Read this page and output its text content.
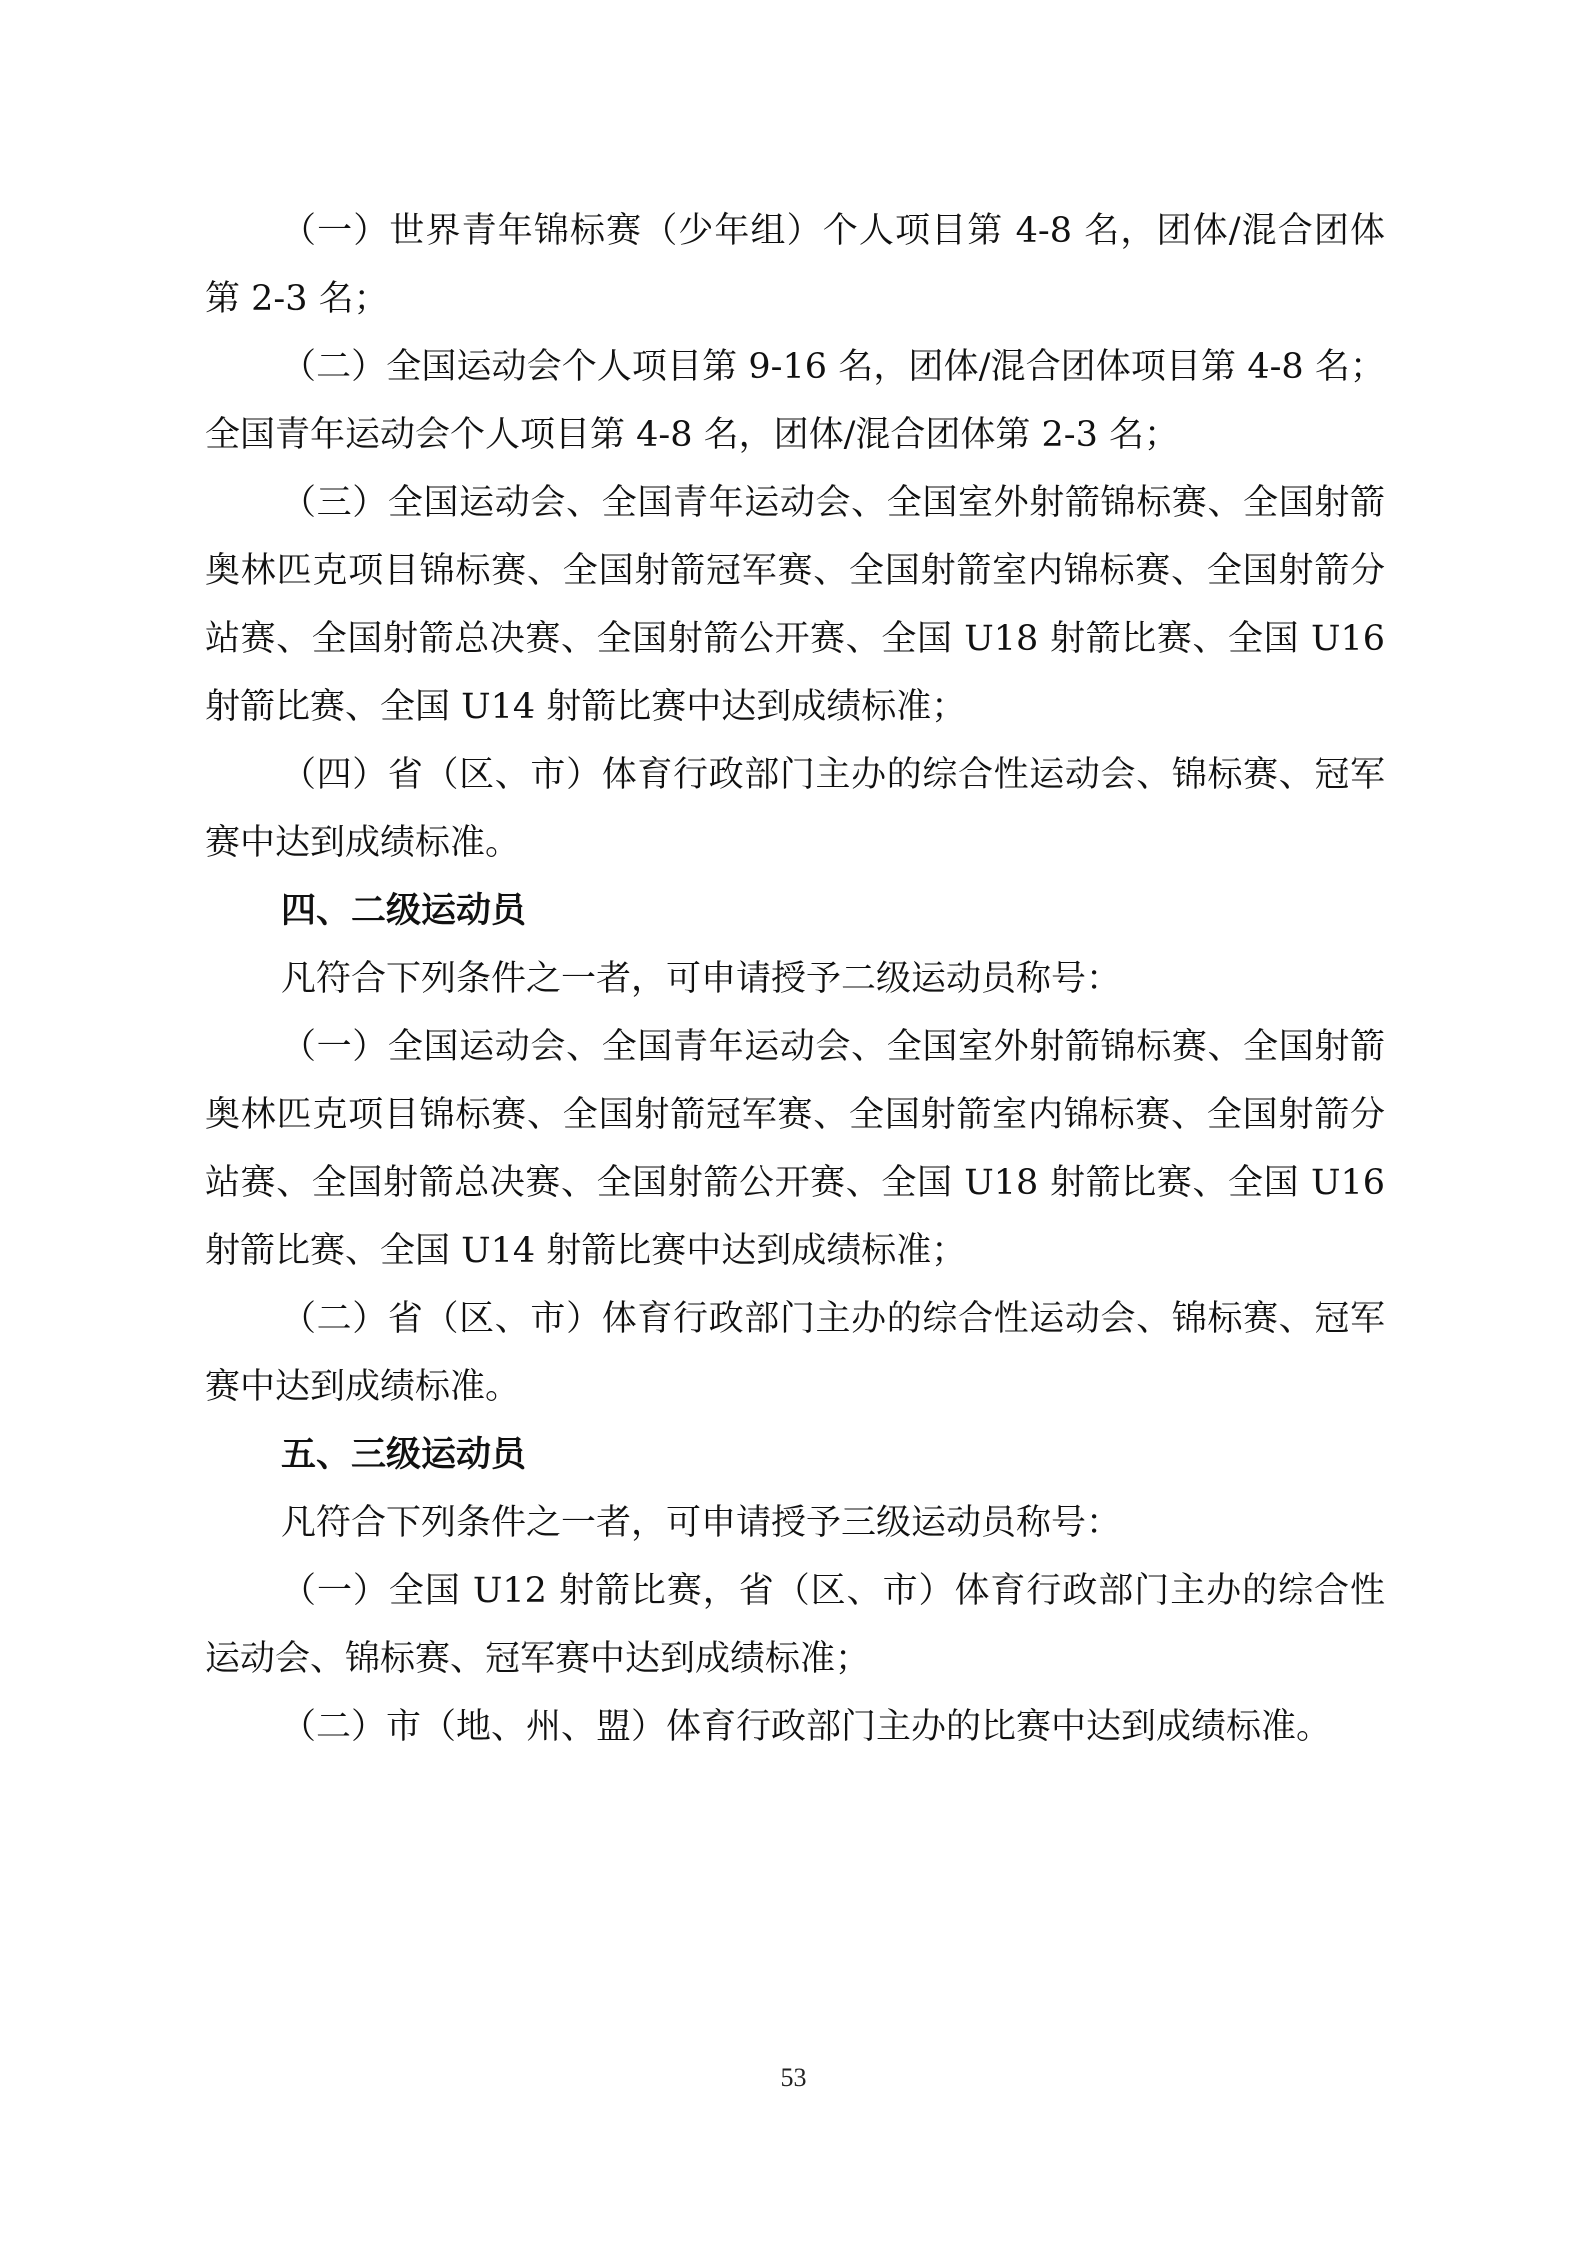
（一）世界青年锦标赛（少年组）个人项目第 4-8 名，团体/混合团体第 2-3 名；

（二）全国运动会个人项目第 9-16 名，团体/混合团体项目第 4-8 名；全国青年运动会个人项目第 4-8 名，团体/混合团体第 2-3 名；

（三）全国运动会、全国青年运动会、全国室外射箭锦标赛、全国射箭奥林匹克项目锦标赛、全国射箭冠军赛、全国射箭室内锦标赛、全国射箭分站赛、全国射箭总决赛、全国射箭公开赛、全国 U18 射箭比赛、全国 U16 射箭比赛、全国 U14 射箭比赛中达到成绩标准；

（四）省（区、市）体育行政部门主办的综合性运动会、锦标赛、冠军赛中达到成绩标准。

四、二级运动员

凡符合下列条件之一者，可申请授予二级运动员称号：

（一）全国运动会、全国青年运动会、全国室外射箭锦标赛、全国射箭奥林匹克项目锦标赛、全国射箭冠军赛、全国射箭室内锦标赛、全国射箭分站赛、全国射箭总决赛、全国射箭公开赛、全国 U18 射箭比赛、全国 U16 射箭比赛、全国 U14 射箭比赛中达到成绩标准；

（二）省（区、市）体育行政部门主办的综合性运动会、锦标赛、冠军赛中达到成绩标准。

五、三级运动员

凡符合下列条件之一者，可申请授予三级运动员称号：

（一）全国 U12 射箭比赛，省（区、市）体育行政部门主办的综合性运动会、锦标赛、冠军赛中达到成绩标准；

（二）市（地、州、盟）体育行政部门主办的比赛中达到成绩标准。

53
